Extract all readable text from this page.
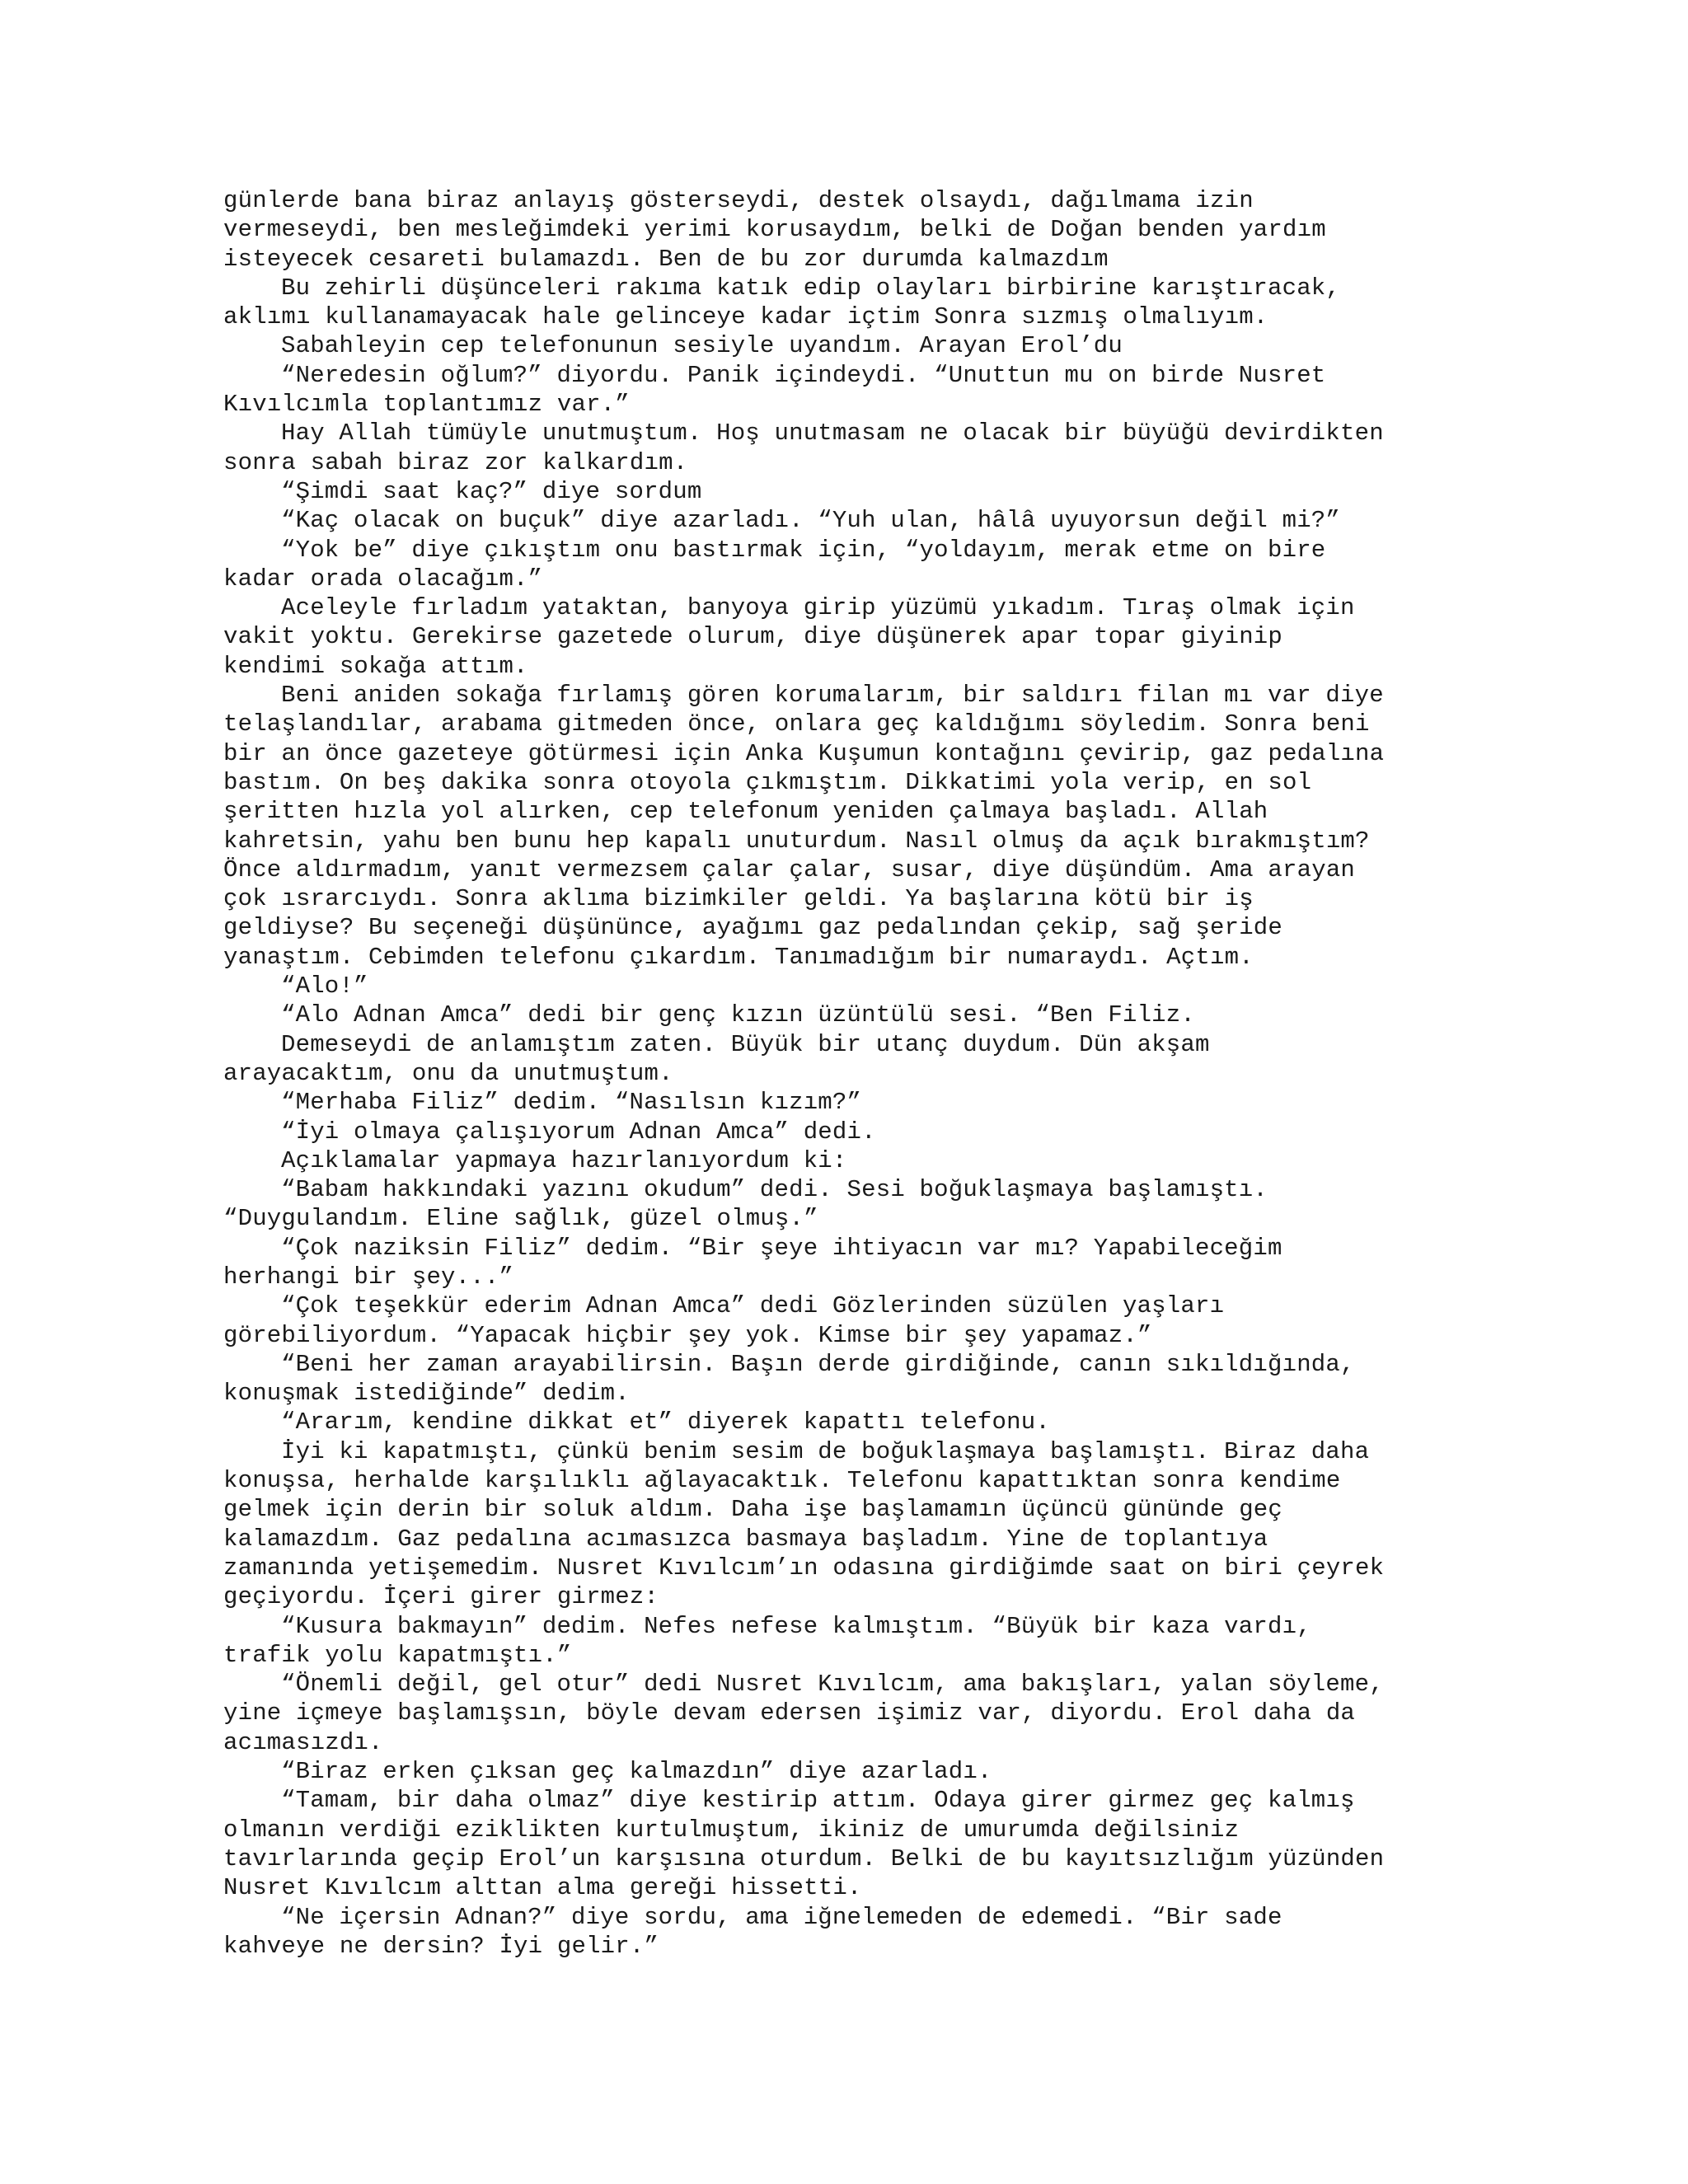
günlerde bana biraz anlayış gösterseydi, destek olsaydı, dağılmama izin
vermeseydi, ben mesleğimdeki yerimi korusaydım, belki de Doğan benden yardım
isteyecek cesareti bulamazdı. Ben de bu zor durumda kalmazdım
Bu zehirli düşünceleri rakıma katık edip olayları birbirine karıştıracak,
aklımı kullanamayacak hale gelinceye kadar içtim Sonra sızmış olmalıyım.
Sabahleyin cep telefonunun sesiyle uyandım. Arayan Erol’du
“Neredesin oğlum?” diyordu. Panik içindeydi. “Unuttun mu on birde Nusret
Kıvılcımla toplantımız var.”
Hay Allah tümüyle unutmuştum. Hoş unutmasam ne olacak bir büyüğü devirdikten
sonra sabah biraz zor kalkardım.
“Şimdi saat kaç?” diye sordum
“Kaç olacak on buçuk” diye azarladı. “Yuh ulan, hâlâ uyuyorsun değil mi?”
“Yok be” diye çıkıştım onu bastırmak için, “yoldayım, merak etme on bire
kadar orada olacağım.”
Aceleyle fırladım yataktan, banyoya girip yüzümü yıkadım. Tıraş olmak için
vakit yoktu. Gerekirse gazetede olurum, diye düşünerek apar topar giyinip
kendimi sokağa attım.
Beni aniden sokağa fırlamış gören korumalarım, bir saldırı filan mı var diye
telaşlandılar, arabama gitmeden önce, onlara geç kaldığımı söyledim. Sonra beni
bir an önce gazeteye götürmesi için Anka Kuşumun kontağını çevirip, gaz pedalına
bastım. On beş dakika sonra otoyola çıkmıştım. Dikkatimi yola verip, en sol
şeritten hızla yol alırken, cep telefonum yeniden çalmaya başladı. Allah
kahretsin, yahu ben bunu hep kapalı unuturdum. Nasıl olmuş da açık bırakmıştım?
Önce aldırmadım, yanıt vermezsem çalar çalar, susar, diye düşündüm. Ama arayan
çok ısrarcıydı. Sonra aklıma bizimkiler geldi. Ya başlarına kötü bir iş
geldiyse? Bu seçeneği düşününce, ayağımı gaz pedalından çekip, sağ şeride
yanaştım. Cebimden telefonu çıkardım. Tanımadığım bir numaraydı. Açtım.
“Alo!”
“Alo Adnan Amca” dedi bir genç kızın üzüntülü sesi. “Ben Filiz.
Demeseydi de anlamıştım zaten. Büyük bir utanç duydum. Dün akşam
arayacaktım, onu da unutmuştum.
“Merhaba Filiz” dedim. “Nasılsın kızım?”
“İyi olmaya çalışıyorum Adnan Amca” dedi.
Açıklamalar yapmaya hazırlanıyordum ki:
“Babam hakkındaki yazını okudum” dedi. Sesi boğuklaşmaya başlamıştı.
“Duygulandım. Eline sağlık, güzel olmuş.”
“Çok naziksin Filiz” dedim. “Bir şeye ihtiyacın var mı? Yapabileceğim
herhangi bir şey...”
“Çok teşekkür ederim Adnan Amca” dedi Gözlerinden süzülen yaşları
görebiliyordum. “Yapacak hiçbir şey yok. Kimse bir şey yapamaz.”
“Beni her zaman arayabilirsin. Başın derde girdiğinde, canın sıkıldığında,
konuşmak istediğinde” dedim.
“Ararım, kendine dikkat et” diyerek kapattı telefonu.
İyi ki kapatmıştı, çünkü benim sesim de boğuklaşmaya başlamıştı. Biraz daha
konuşsa, herhalde karşılıklı ağlayacaktık. Telefonu kapattıktan sonra kendime
gelmek için derin bir soluk aldım. Daha işe başlamamın üçüncü gününde geç
kalamazdım. Gaz pedalına acımasızca basmaya başladım. Yine de toplantıya
zamanında yetişemedim. Nusret Kıvılcım’ın odasına girdiğimde saat on biri çeyrek
geçiyordu. İçeri girer girmez:
“Kusura bakmayın” dedim. Nefes nefese kalmıştım. “Büyük bir kaza vardı,
trafik yolu kapatmıştı.”
“Önemli değil, gel otur” dedi Nusret Kıvılcım, ama bakışları, yalan söyleme,
yine içmeye başlamışsın, böyle devam edersen işimiz var, diyordu. Erol daha da
acımasızdı.
“Biraz erken çıksan geç kalmazdın” diye azarladı.
“Tamam, bir daha olmaz” diye kestirip attım. Odaya girer girmez geç kalmış
olmanın verdiği eziklikten kurtulmuştum, ikiniz de umurumda değilsiniz
tavırlarında geçip Erol’un karşısına oturdum. Belki de bu kayıtsızlığım yüzünden
Nusret Kıvılcım alttan alma gereği hissetti.
“Ne içersin Adnan?” diye sordu, ama iğnelemeden de edemedi. “Bir sade
kahveye ne dersin? İyi gelir.”
